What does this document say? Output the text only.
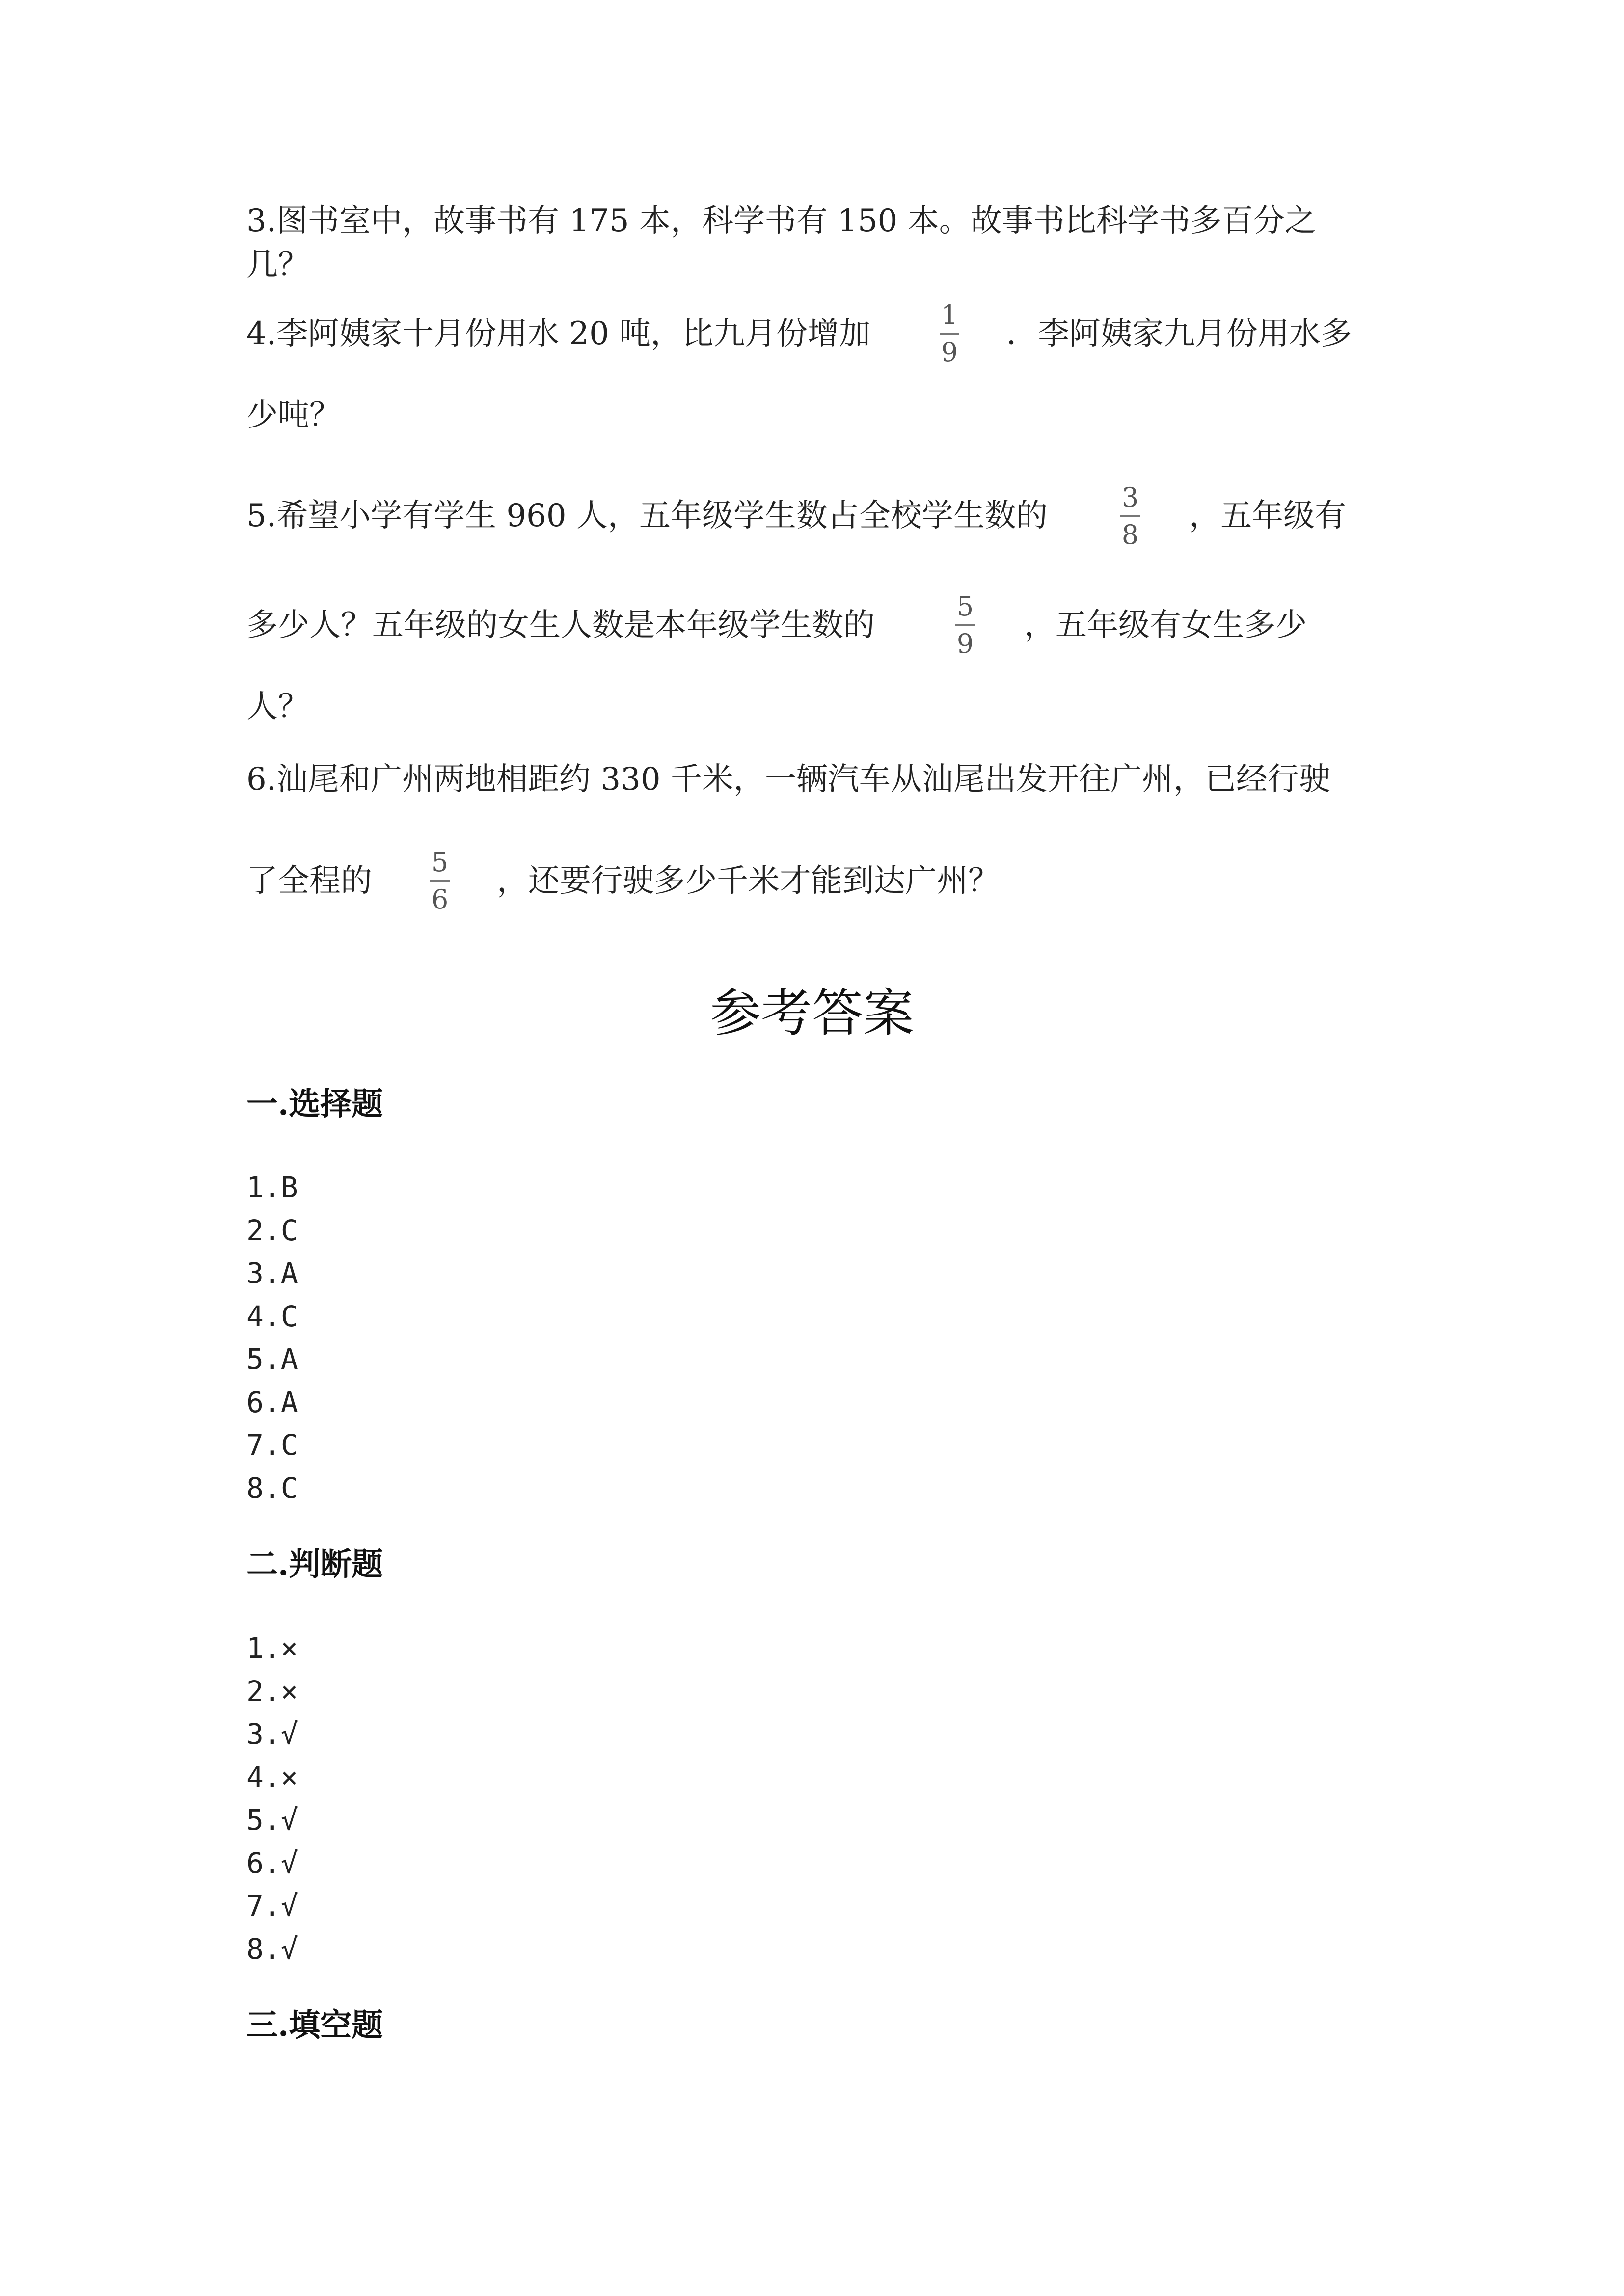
3.图书室中，故事书有 175 本，科学书有 150 本。故事书比科学书多百分之
几？
4.李阿姨家十月份用水 20 吨，比九月份增加
1
9
．李阿姨家九月份用水多
少吨？
5.希望小学有学生 960 人，五年级学生数占全校学生数的
3
8
，五年级有
多少人？五年级的女生人数是本年级学生数的
5
9
，五年级有女生多少
人？
6.汕尾和广州两地相距约 330 千米，一辆汽车从汕尾出发开往广州，已经行驶
了全程的
5
6
，还要行驶多少千米才能到达广州？
参考答案
一.选择题
1.B
2.C
3.A
4.C
5.A
6.A
7.C
8.C
二.判断题
1.×
2.×
3.√
4.×
5.√
6.√
7.√
8.√
三.填空题
